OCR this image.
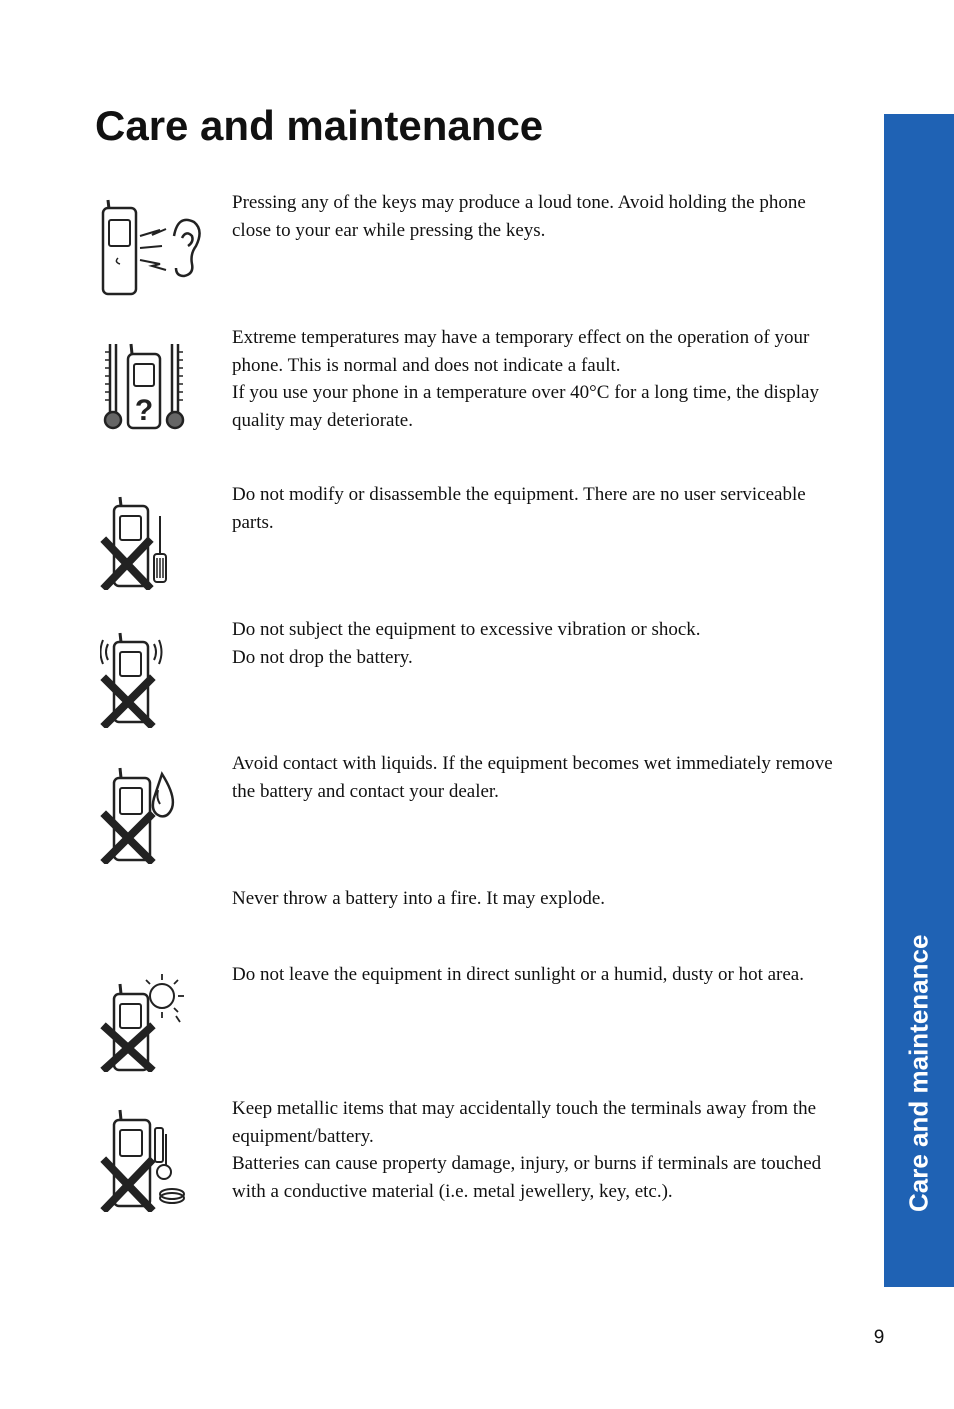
Care and maintenance
Care and maintenance

Pressing any of the keys may produce a loud tone. Avoid holding the phone close to your ear while pressing the keys.

?

Extreme temperatures may have a temporary effect on the operation of your phone. This is normal and does not indicate a fault.

If you use your phone in a temperature over 40°C for a long time, the display quality may deteriorate.

Do not modify or disassemble the equipment. There are no user serviceable parts.

Do not subject the equipment to excessive vibration or shock.

Do not drop the battery.

Avoid contact with liquids. If the equipment becomes wet immediately remove the battery and contact your dealer.

Never throw a battery into a fire. It may explode.

Do not leave the equipment in direct sunlight or a humid, dusty or hot area.

Keep metallic items that may accidentally touch the terminals away from the equipment/battery.

Batteries can cause property damage, injury, or burns if terminals are touched with a conductive material (i.e. metal jewellery, key, etc.).

9
